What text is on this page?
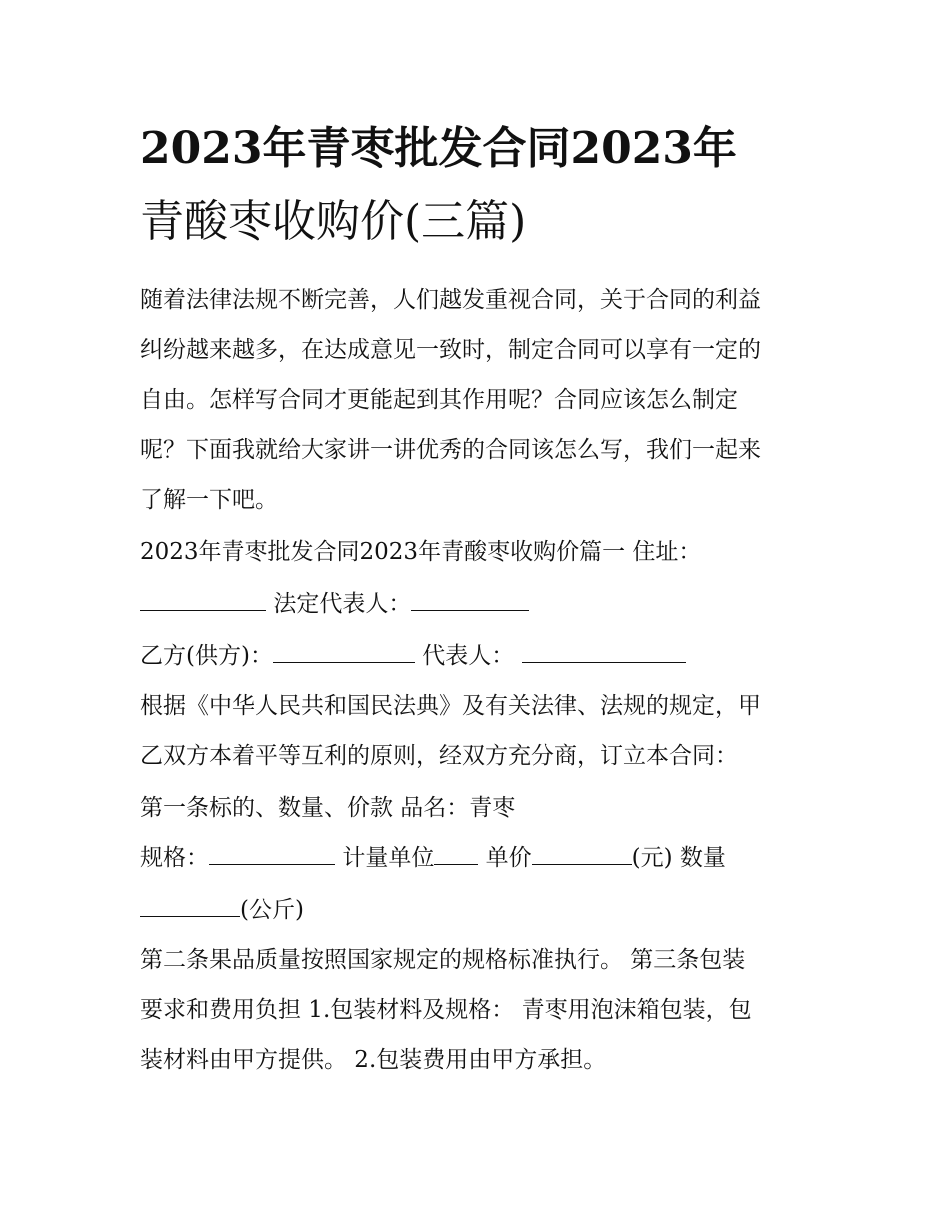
2023年青枣批发合同2023年
青酸枣收购价(三篇)

随着法律法规不断完善，人们越发重视合同，关于合同的利益

纠纷越来越多，在达成意见一致时，制定合同可以享有一定的

自由。怎样写合同才更能起到其作用呢？合同应该怎么制定

呢？下面我就给大家讲一讲优秀的合同该怎么写，我们一起来

了解一下吧。

2023年青枣批发合同2023年青酸枣收购价篇一 住址：

法定代表人：

乙方(供方)：	代表人：

根据《中华人民共和国民法典》及有关法律、法规的规定，甲

乙双方本着平等互利的原则，经双方充分商，订立本合同：

第一条标的、数量、价款 品名：青枣

规格：	计量单位 单价	(元) 数量

(公斤)

第二条果品质量按照国家规定的规格标准执行。 第三条包装

要求和费用负担 1.包装材料及规格： 青枣用泡沫箱包装，包

装材料由甲方提供。 2.包装费用由甲方承担。
